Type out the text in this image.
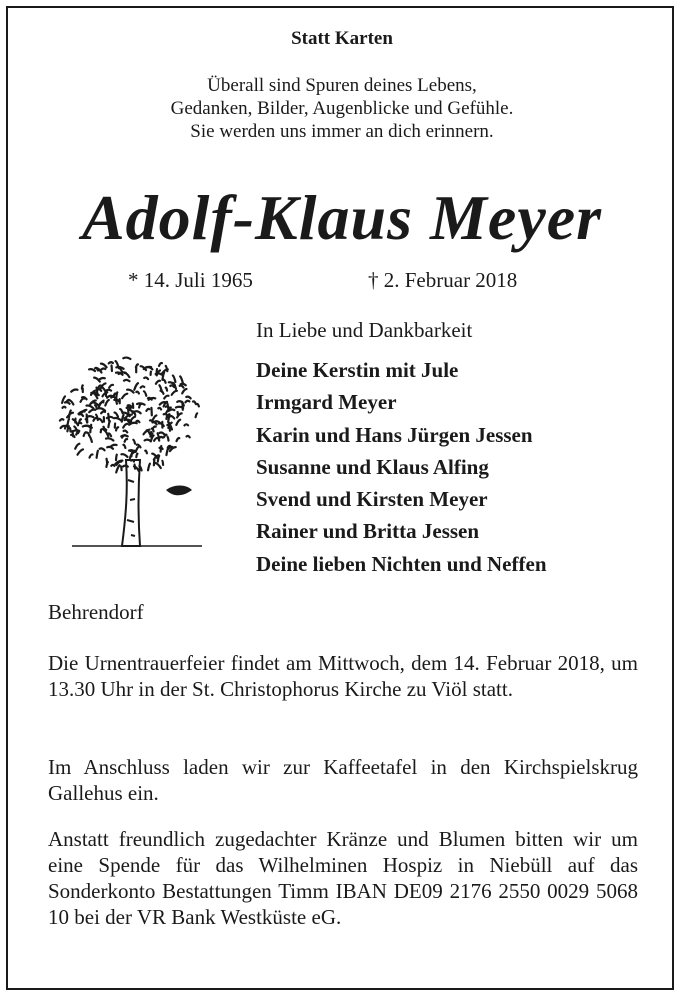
Statt Karten
Überall sind Spuren deines Lebens,
Gedanken, Bilder, Augenblicke und Gefühle.
Sie werden uns immer an dich erinnern.
Adolf-Klaus Meyer
* 14. Juli 1965	† 2. Februar 2018
In Liebe und Dankbarkeit
Deine Kerstin mit Jule
Irmgard Meyer
Karin und Hans Jürgen Jessen
Susanne und Klaus Alfing
Svend und Kirsten Meyer
Rainer und Britta Jessen
Deine lieben Nichten und Neffen
Behrendorf

Die Urnentrauerfeier findet am Mittwoch, dem 14. Februar 2018, um 13.30 Uhr in der St. Christophorus Kirche zu Viöl statt.

Im Anschluss laden wir zur Kaffeetafel in den Kirchspielskrug Gallehus ein.

Anstatt freundlich zugedachter Kränze und Blumen bitten wir um eine Spende für das Wilhelminen Hospiz in Niebüll auf das Sonderkonto Bestattungen Timm IBAN DE09 2176 2550 0029 5068 10 bei der VR Bank Westküste eG.
